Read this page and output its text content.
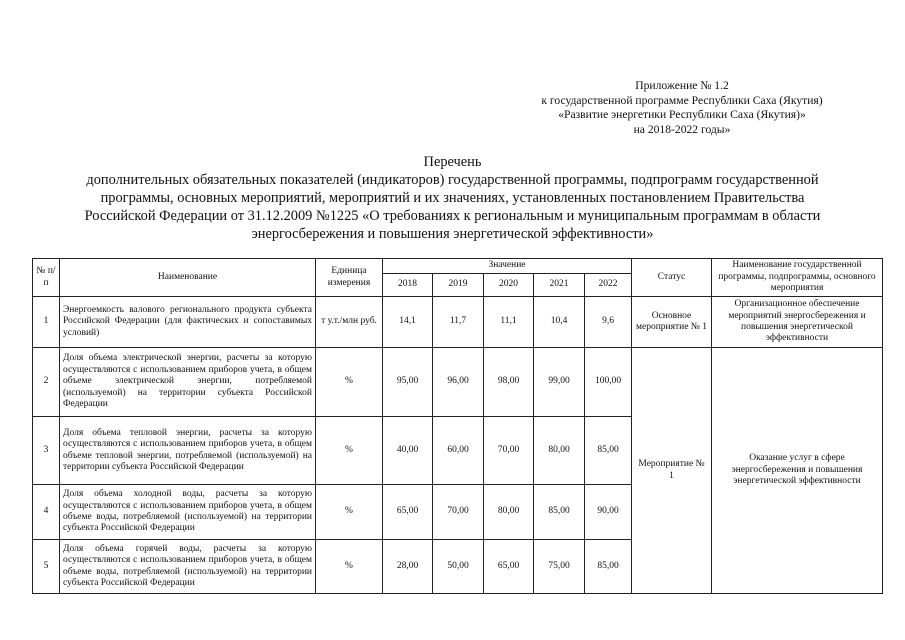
Приложение № 1.2
к государственной программе Республики Саха (Якутия)
«Развитие энергетики Республики Саха (Якутия)»
на 2018-2022 годы»
Перечень
дополнительных обязательных показателей (индикаторов) государственной программы, подпрограмм государственной
программы, основных мероприятий, мероприятий и их значениях, установленных постановлением Правительства
Российской Федерации от 31.12.2009 №1225 «О требованиях к региональным и муниципальным программам в области
энергосбережения и повышения энергетической эффективности»
№ п/п	Наименование	Единица измерения	Значение					Статус	Наименование государственной программы, подпрограммы, основного мероприятия
			2018	2019	2020	2021	2022		
1	Энергоемкость валового регионального продукта субъекта Российской Федерации (для фактических и сопоставимых условий)	т у.т./млн руб.	14,1	11,7	11,1	10,4	9,6	Основное мероприятие № 1	Организационное обеспечение мероприятий энергосбережения и повышения энергетической эффективности
2	Доля объема электрической энергии, расчеты за которую осуществляются с использованием приборов учета, в общем объеме электрической энергии, потребляемой (используемой) на территории субъекта Российской Федерации	%	95,00	96,00	98,00	99,00	100,00	Мероприятие № 1	Оказание услуг в сфере энергосбережения и повышения энергетической эффективности
3	Доля объема тепловой энергии, расчеты за которую осуществляются с использованием приборов учета, в общем объеме тепловой энергии, потребляемой (используемой) на территории субъекта Российской Федерации	%	40,00	60,00	70,00	80,00	85,00		
4	Доля объема холодной воды, расчеты за которую осуществляются с использованием приборов учета, в общем объеме воды, потребляемой (используемой) на территории субъекта Российской Федерации	%	65,00	70,00	80,00	85,00	90,00		
5	Доля объема горячей воды, расчеты за которую осуществляются с использованием приборов учета, в общем объеме воды, потребляемой (используемой) на территории субъекта Российской Федерации	%	28,00	50,00	65,00	75,00	85,00		
